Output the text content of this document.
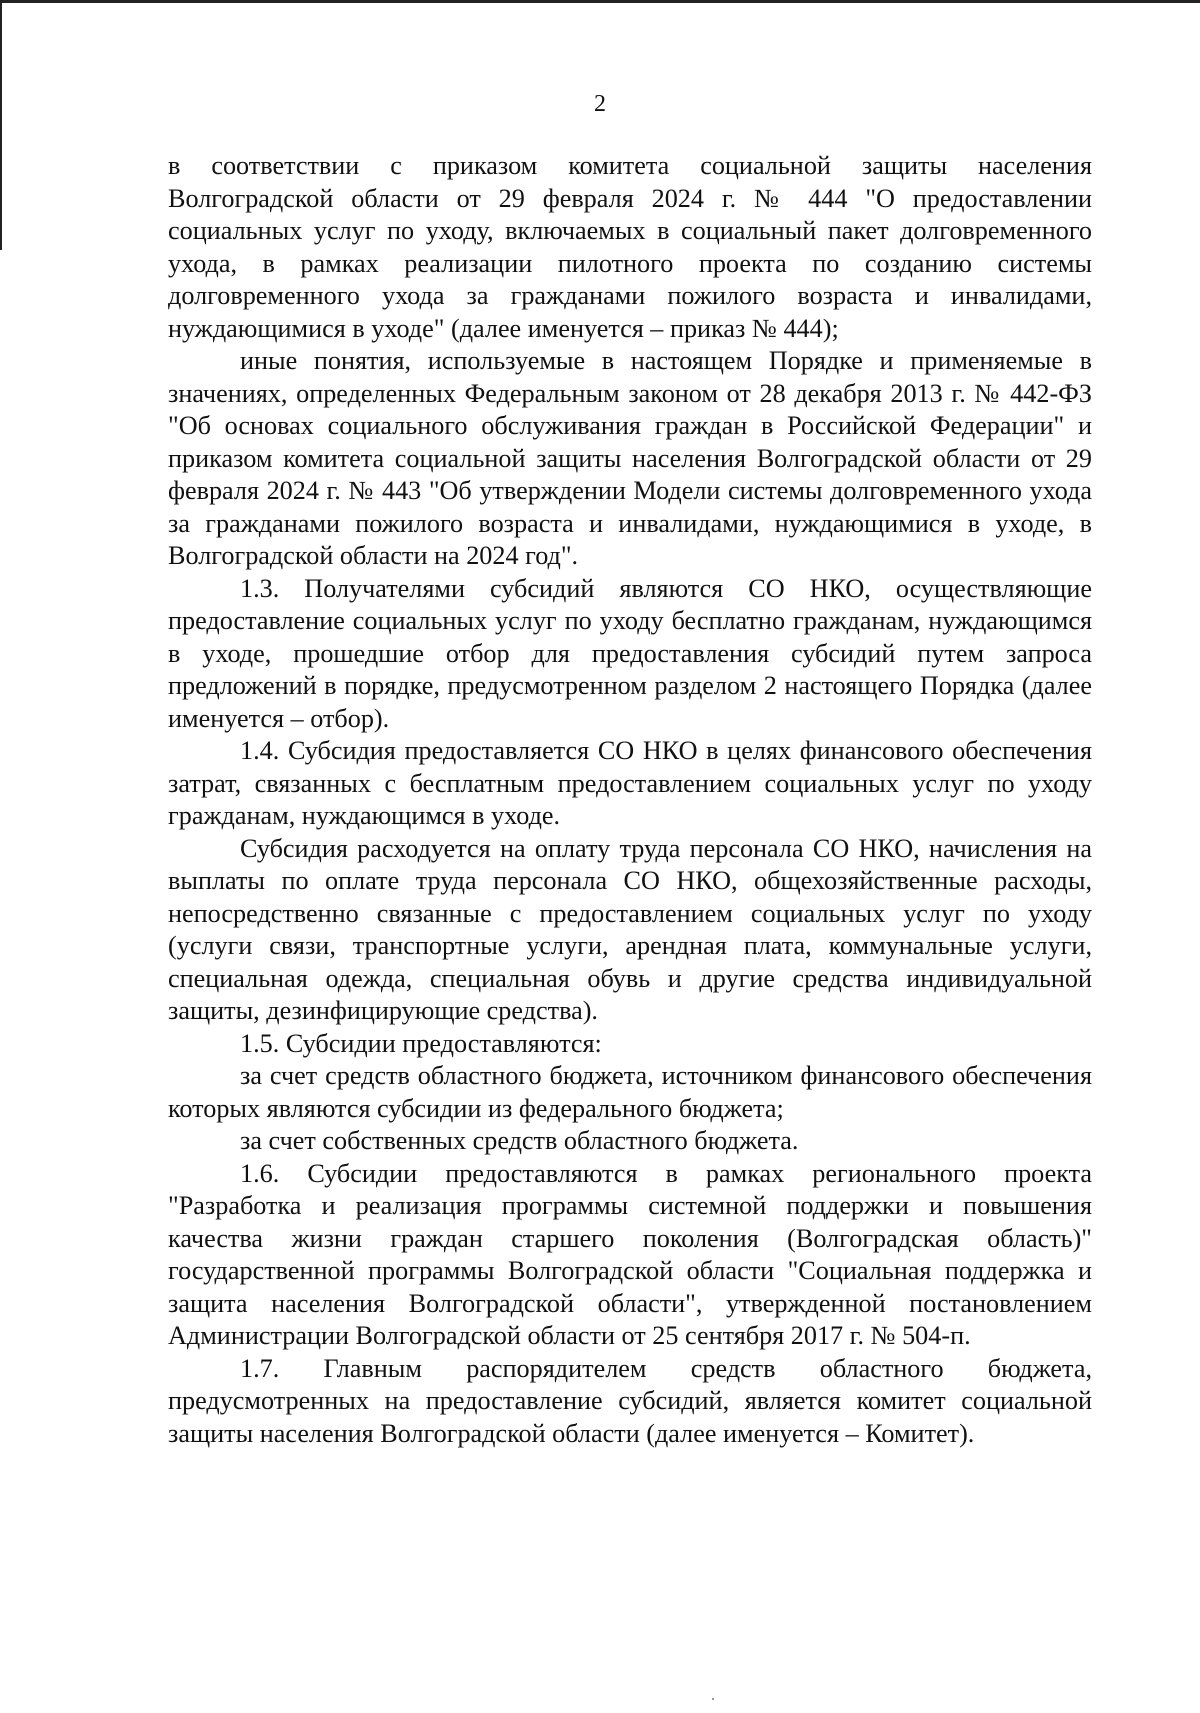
2

в соответствии с приказом комитета социальной защиты населения Волгоградской области от 29 февраля 2024 г. № 444 "О предоставлении социальных услуг по уходу, включаемых в социальный пакет долговременного ухода, в рамках реализации пилотного проекта по созданию системы долговременного ухода за гражданами пожилого возраста и инвалидами, нуждающимися в уходе" (далее именуется – приказ № 444);

иные понятия, используемые в настоящем Порядке и применяемые в значениях, определенных Федеральным законом от 28 декабря 2013 г. № 442-ФЗ "Об основах социального обслуживания граждан в Российской Федерации" и приказом комитета социальной защиты населения Волгоградской области от 29 февраля 2024 г. № 443 "Об утверждении Модели системы долговременного ухода за гражданами пожилого возраста и инвалидами, нуждающимися в уходе, в Волгоградской области на 2024 год".

1.3. Получателями субсидий являются СО НКО, осуществляющие предоставление социальных услуг по уходу бесплатно гражданам, нуждающимся в уходе, прошедшие отбор для предоставления субсидий путем запроса предложений в порядке, предусмотренном разделом 2 настоящего Порядка (далее именуется – отбор).

1.4. Субсидия предоставляется СО НКО в целях финансового обеспечения затрат, связанных с бесплатным предоставлением социальных услуг по уходу гражданам, нуждающимся в уходе.

Субсидия расходуется на оплату труда персонала СО НКО, начисления на выплаты по оплате труда персонала СО НКО, общехозяйственные расходы, непосредственно связанные с предоставлением социальных услуг по уходу (услуги связи, транспортные услуги, арендная плата, коммунальные услуги, специальная одежда, специальная обувь и другие средства индивидуальной защиты, дезинфицирующие средства).

1.5. Субсидии предоставляются:

за счет средств областного бюджета, источником финансового обеспечения которых являются субсидии из федерального бюджета;

за счет собственных средств областного бюджета.

1.6. Субсидии предоставляются в рамках регионального проекта "Разработка и реализация программы системной поддержки и повышения качества жизни граждан старшего поколения (Волгоградская область)" государственной программы Волгоградской области "Социальная поддержка и защита населения Волгоградской области", утвержденной постановлением Администрации Волгоградской области от 25 сентября 2017 г. № 504-п.

1.7. Главным распорядителем средств областного бюджета, предусмотренных на предоставление субсидий, является комитет социальной защиты населения Волгоградской области (далее именуется – Комитет).
